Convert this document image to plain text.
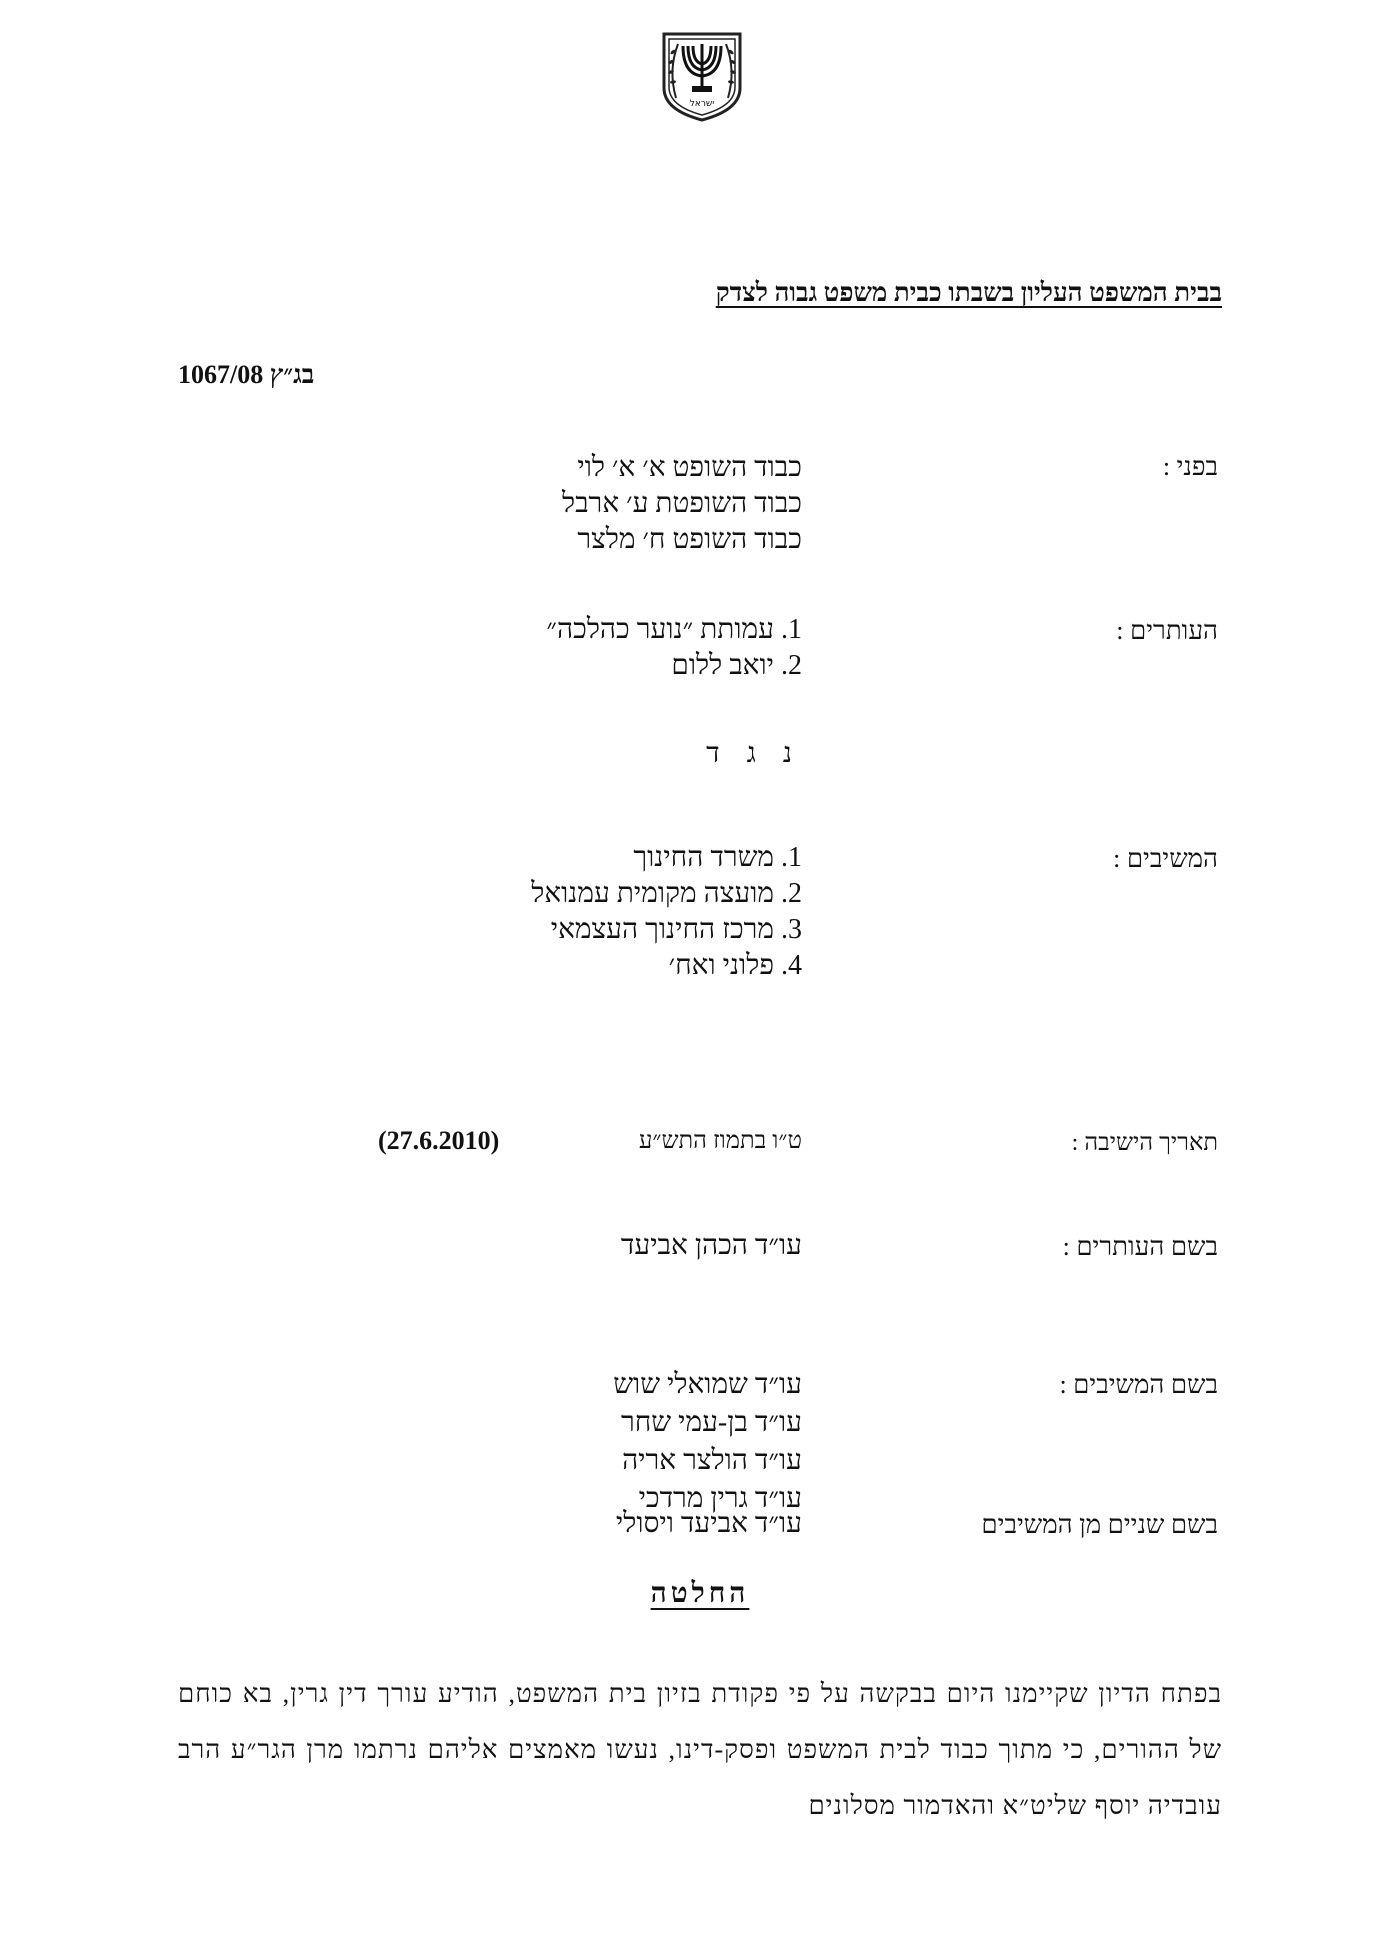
ישראל
בבית המשפט העליון בשבתו כבית משפט גבוה לצדק
בג״ץ 1067/08
בפני :
כבוד השופט א׳ א׳ לוי
כבוד השופטת ע׳ ארבל
כבוד השופט ח׳ מלצר
העותרים :
1. עמותת ״נוער כהלכה״
2. יואב ללום
נ ג ד
המשיבים :
1. משרד החינוך
2. מועצה מקומית עמנואל
3. מרכז החינוך העצמאי
4. פלוני ואח׳
תאריך הישיבה :
ט״ו בתמוז התש״ע
(27.6.2010)
בשם העותרים :
עו״ד הכהן אביעד
בשם המשיבים :
עו״ד שמואלי שוש
עו״ד בן-עמי שחר
עו״ד הולצר אריה
עו״ד גרין מרדכי
בשם שניים מן המשיבים
עו״ד אביעד ויסולי
החלטה
בפתח הדיון שקיימנו היום בבקשה על פי פקודת בזיון בית המשפט, הודיע עורך דין גרין, בא כוחם של ההורים, כי מתוך כבוד לבית המשפט ופסק-דינו, נעשו מאמצים אליהם נרתמו מרן הגר״ע הרב עובדיה יוסף שליט״א והאדמור מסלונים
